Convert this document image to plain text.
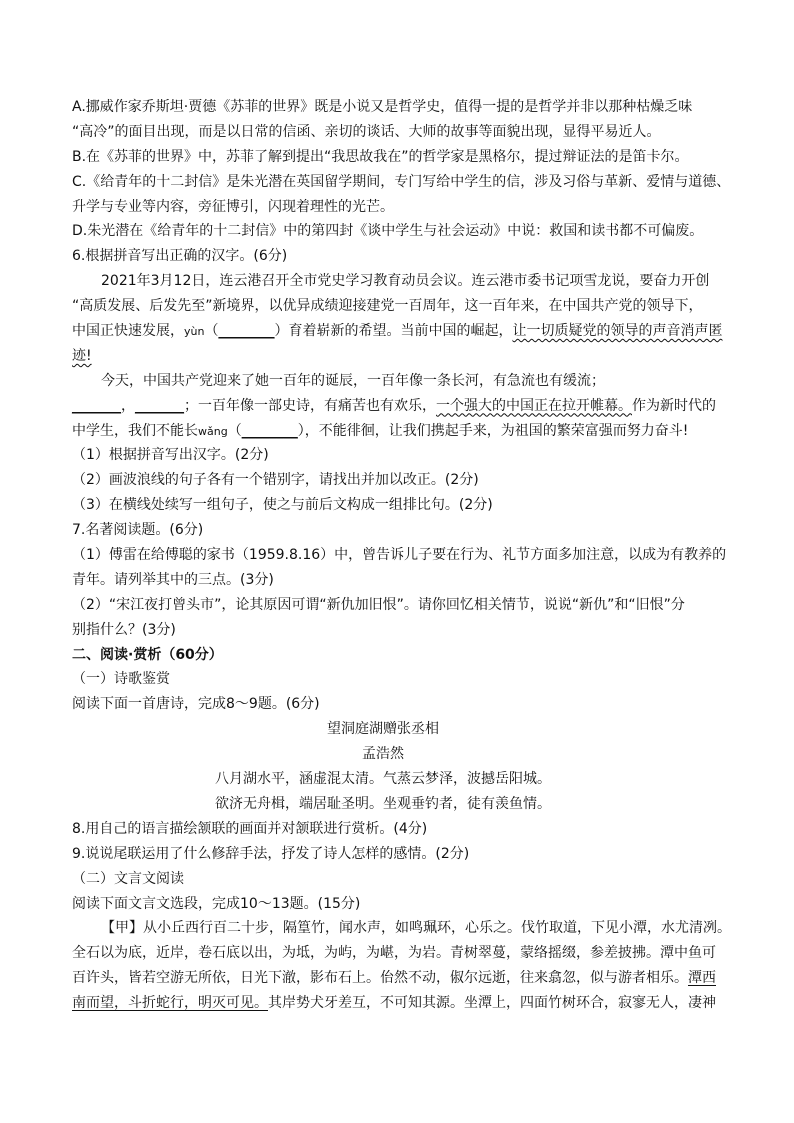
A.挪威作家乔斯坦·贾德《苏菲的世界》既是小说又是哲学史，值得一提的是哲学并非以那种枯燥乏味
“高冷”的面目出现，而是以日常的信函、亲切的谈话、大师的故事等面貌出现，显得平易近人。
B.在《苏菲的世界》中，苏菲了解到提出“我思故我在”的哲学家是黑格尔，提过辩证法的是笛卡尔。
C.《给青年的十二封信》是朱光潜在英国留学期间，专门写给中学生的信，涉及习俗与革新、爱情与道德、
升学与专业等内容，旁征博引，闪现着理性的光芒。
D.朱光潜在《给青年的十二封信》中的第四封《谈中学生与社会运动》中说：救国和读书都不可偏废。
6.根据拼音写出正确的汉字。(6分)
2021年3月12日，连云港召开全市党史学习教育动员会议。连云港市委书记项雪龙说，要奋力开创
“高质发展、后发先至”新境界，以优异成绩迎接建党一百周年，这一百年来，在中国共产党的领导下，
中国正快速发展，yùn（________）育着崭新的希望。当前中国的崛起，让一切质疑党的领导的声音消声匿
迹!
今天，中国共产党迎来了她一百年的诞辰，一百年像一条长河，有急流也有缓流；
_______，_______；一百年像一部史诗，有痛苦也有欢乐，一个强大的中国正在拉开帷幕。作为新时代的
中学生，我们不能长wǎng（________），不能徘徊，让我们携起手来，为祖国的繁荣富强而努力奋斗!
（1）根据拼音写出汉字。(2分)
（2）画波浪线的句子各有一个错别字，请找出并加以改正。(2分)
（3）在横线处续写一组句子，使之与前后文构成一组排比句。(2分)
7.名著阅读题。(6分)
（1）傅雷在给傅聪的家书（1959.8.16）中，曾告诉儿子要在行为、礼节方面多加注意，以成为有教养的
青年。请列举其中的三点。(3分)
（2）“宋江夜打曾头市”，论其原因可谓“新仇加旧恨”。请你回忆相关情节，说说“新仇”和“旧恨”分
别指什么？(3分)
二、阅读·赏析（60分）
（一）诗歌鉴赏
阅读下面一首唐诗，完成8～9题。(6分)
望洞庭湖赠张丞相
孟浩然
八月湖水平，涵虚混太清。气蒸云梦泽，波撼岳阳城。
欲济无舟楫，端居耻圣明。坐观垂钓者，徒有羡鱼情。
8.用自己的语言描绘颔联的画面并对颔联进行赏析。(4分)
9.说说尾联运用了什么修辞手法，抒发了诗人怎样的感情。(2分)
（二）文言文阅读
阅读下面文言文选段，完成10～13题。(15分)
【甲】从小丘西行百二十步，隔篁竹，闻水声，如鸣珮环，心乐之。伐竹取道，下见小潭，水尤清冽。
全石以为底，近岸，卷石底以出，为坻，为屿，为嵁，为岩。青树翠蔓，蒙络摇缀，参差披拂。潭中鱼可
百许头，皆若空游无所依，日光下澈，影布石上。佁然不动，俶尔远逝，往来翕忽，似与游者相乐。潭西
南而望，斗折蛇行，明灭可见。其岸势犬牙差互，不可知其源。坐潭上，四面竹树环合，寂寥无人，凄神
